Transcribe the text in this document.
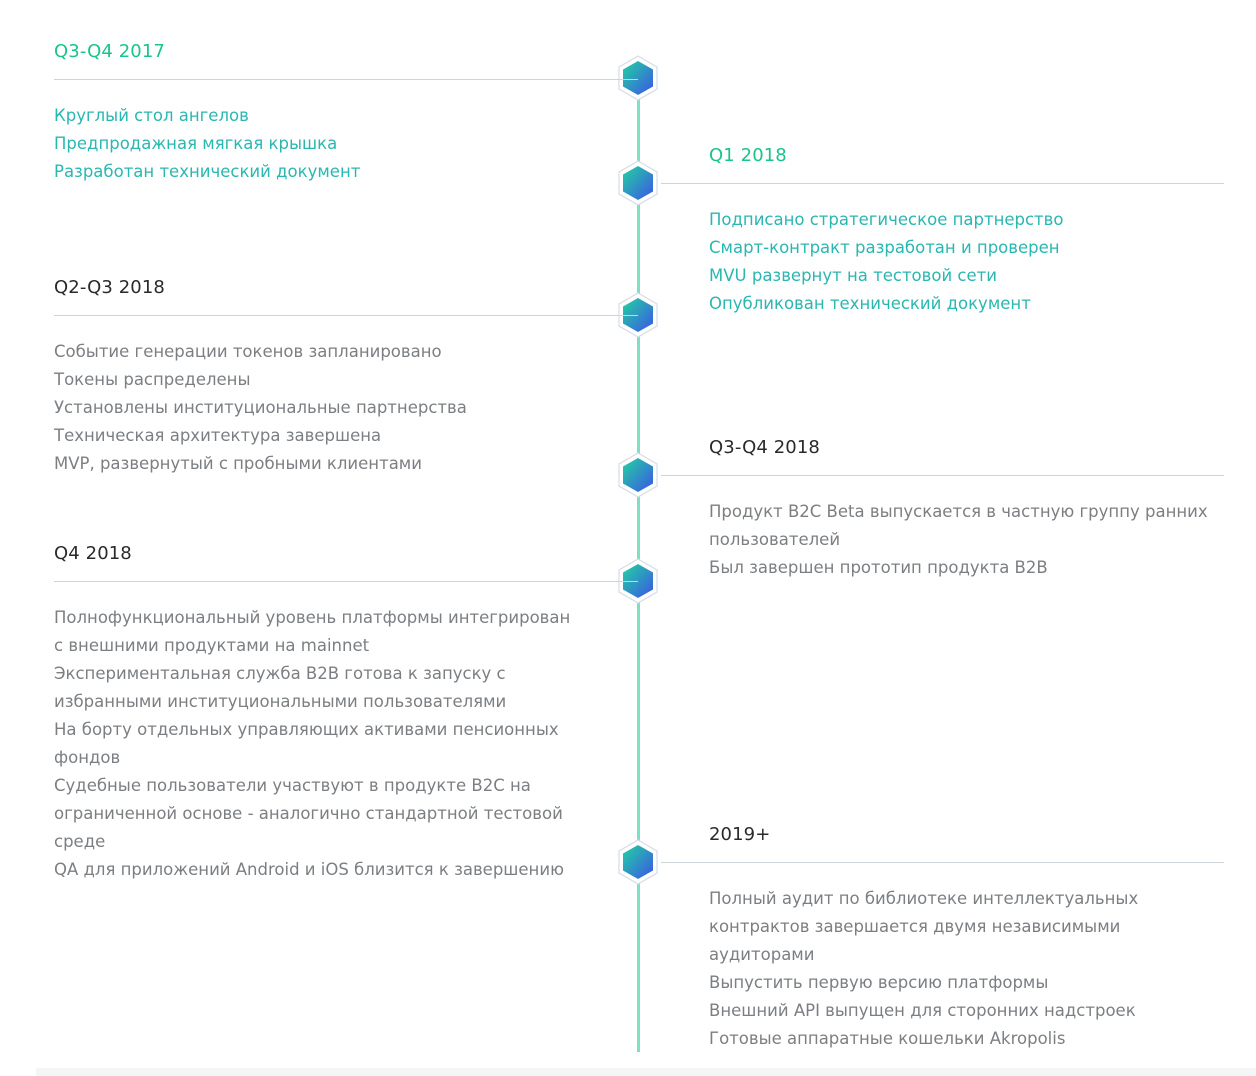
Q3-Q4 2017
Круглый стол ангелов
Предпродажная мягкая крышка
Разработан технический документ
Q1 2018
Подписано стратегическое партнерство
Смарт-контракт разработан и проверен
MVU развернут на тестовой сети
Опубликован технический документ
Q2-Q3 2018
Событие генерации токенов запланировано
Токены распределены
Установлены институциональные партнерства
Техническая архитектура завершена
MVP, развернутый с пробными клиентами
Q3-Q4 2018
Продукт B2C Beta выпускается в частную группу ранних пользователей
Был завершен прототип продукта B2B
Q4 2018
Полнофункциональный уровень платформы интегрирован с внешними продуктами на mainnet
Экспериментальная служба B2B готова к запуску с избранными институциональными пользователями
На борту отдельных управляющих активами пенсионных фондов
Судебные пользователи участвуют в продукте B2C на ограниченной основе - аналогично стандартной тестовой среде
QA для приложений Android и iOS близится к завершению
2019+
Полный аудит по библиотеке интеллектуальных контрактов завершается двумя независимыми аудиторами
Выпустить первую версию платформы
Внешний API выпущен для сторонних надстроек
Готовые аппаратные кошельки Akropolis
